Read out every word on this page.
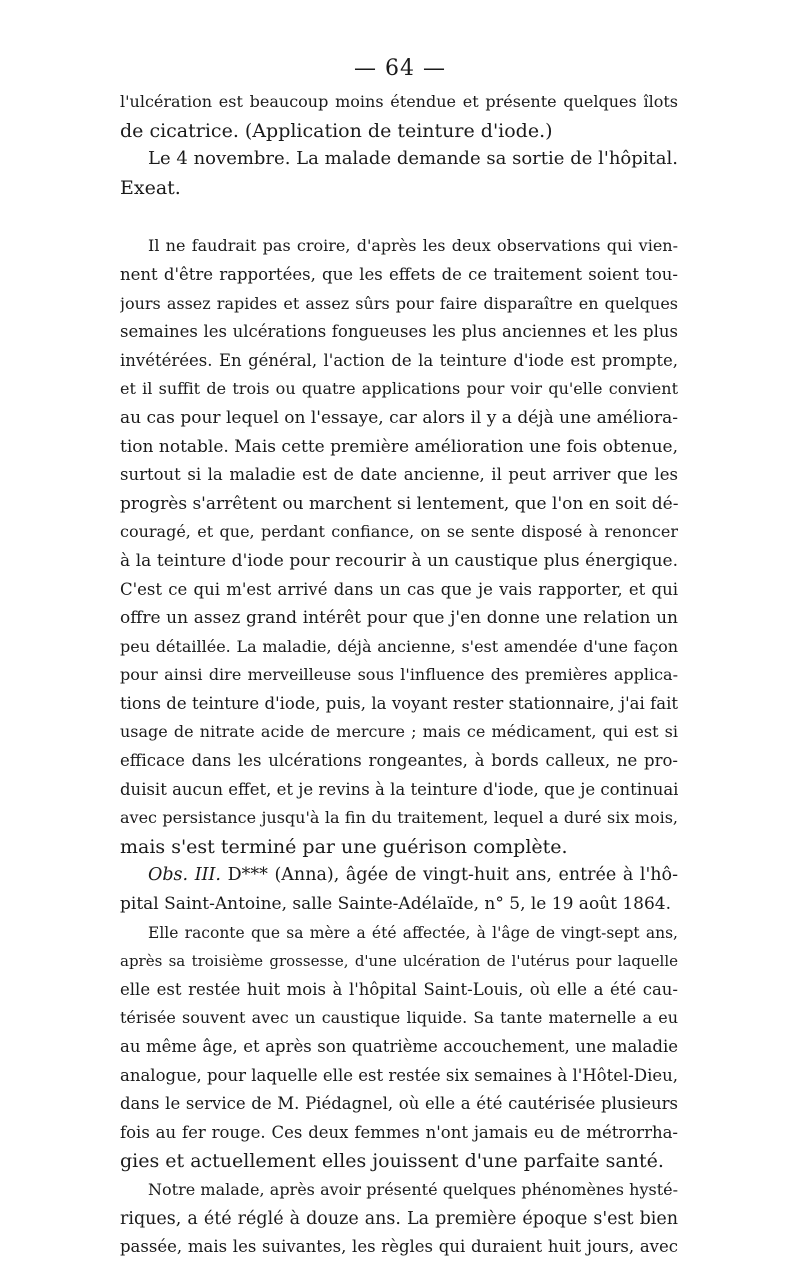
— 64 —
l'ulcération est beaucoup moins étendue et présente quelques îlots
de cicatrice. (Application de teinture d'iode.)
Le 4 novembre. La malade demande sa sortie de l'hôpital.
Exeat.
Il ne faudrait pas croire, d'après les deux observations qui vien-
nent d'être rapportées, que les effets de ce traitement soient tou-
jours assez rapides et assez sûrs pour faire disparaître en quelques
semaines les ulcérations fongueuses les plus anciennes et les plus
invétérées. En général, l'action de la teinture d'iode est prompte,
et il suffit de trois ou quatre applications pour voir qu'elle convient
au cas pour lequel on l'essaye, car alors il y a déjà une améliora-
tion notable. Mais cette première amélioration une fois obtenue,
surtout si la maladie est de date ancienne, il peut arriver que les
progrès s'arrêtent ou marchent si lentement, que l'on en soit dé-
couragé, et que, perdant confiance, on se sente disposé à renoncer
à la teinture d'iode pour recourir à un caustique plus énergique.
C'est ce qui m'est arrivé dans un cas que je vais rapporter, et qui
offre un assez grand intérêt pour que j'en donne une relation un
peu détaillée. La maladie, déjà ancienne, s'est amendée d'une façon
pour ainsi dire merveilleuse sous l'influence des premières applica-
tions de teinture d'iode, puis, la voyant rester stationnaire, j'ai fait
usage de nitrate acide de mercure ; mais ce médicament, qui est si
efficace dans les ulcérations rongeantes, à bords calleux, ne pro-
duisit aucun effet, et je revins à la teinture d'iode, que je continuai
avec persistance jusqu'à la fin du traitement, lequel a duré six mois,
mais s'est terminé par une guérison complète.
Obs. III. D*** (Anna), âgée de vingt-huit ans, entrée à l'hô-
pital Saint-Antoine, salle Sainte-Adélaïde, n° 5, le 19 août 1864.
Elle raconte que sa mère a été affectée, à l'âge de vingt-sept ans,
après sa troisième grossesse, d'une ulcération de l'utérus pour laquelle
elle est restée huit mois à l'hôpital Saint-Louis, où elle a été cau-
térisée souvent avec un caustique liquide. Sa tante maternelle a eu
au même âge, et après son quatrième accouchement, une maladie
analogue, pour laquelle elle est restée six semaines à l'Hôtel-Dieu,
dans le service de M. Piédagnel, où elle a été cautérisée plusieurs
fois au fer rouge. Ces deux femmes n'ont jamais eu de métrorrha-
gies et actuellement elles jouissent d'une parfaite santé.
Notre malade, après avoir présenté quelques phénomènes hysté-
riques, a été réglé à douze ans. La première époque s'est bien
passée, mais les suivantes, les règles qui duraient huit jours, avec
